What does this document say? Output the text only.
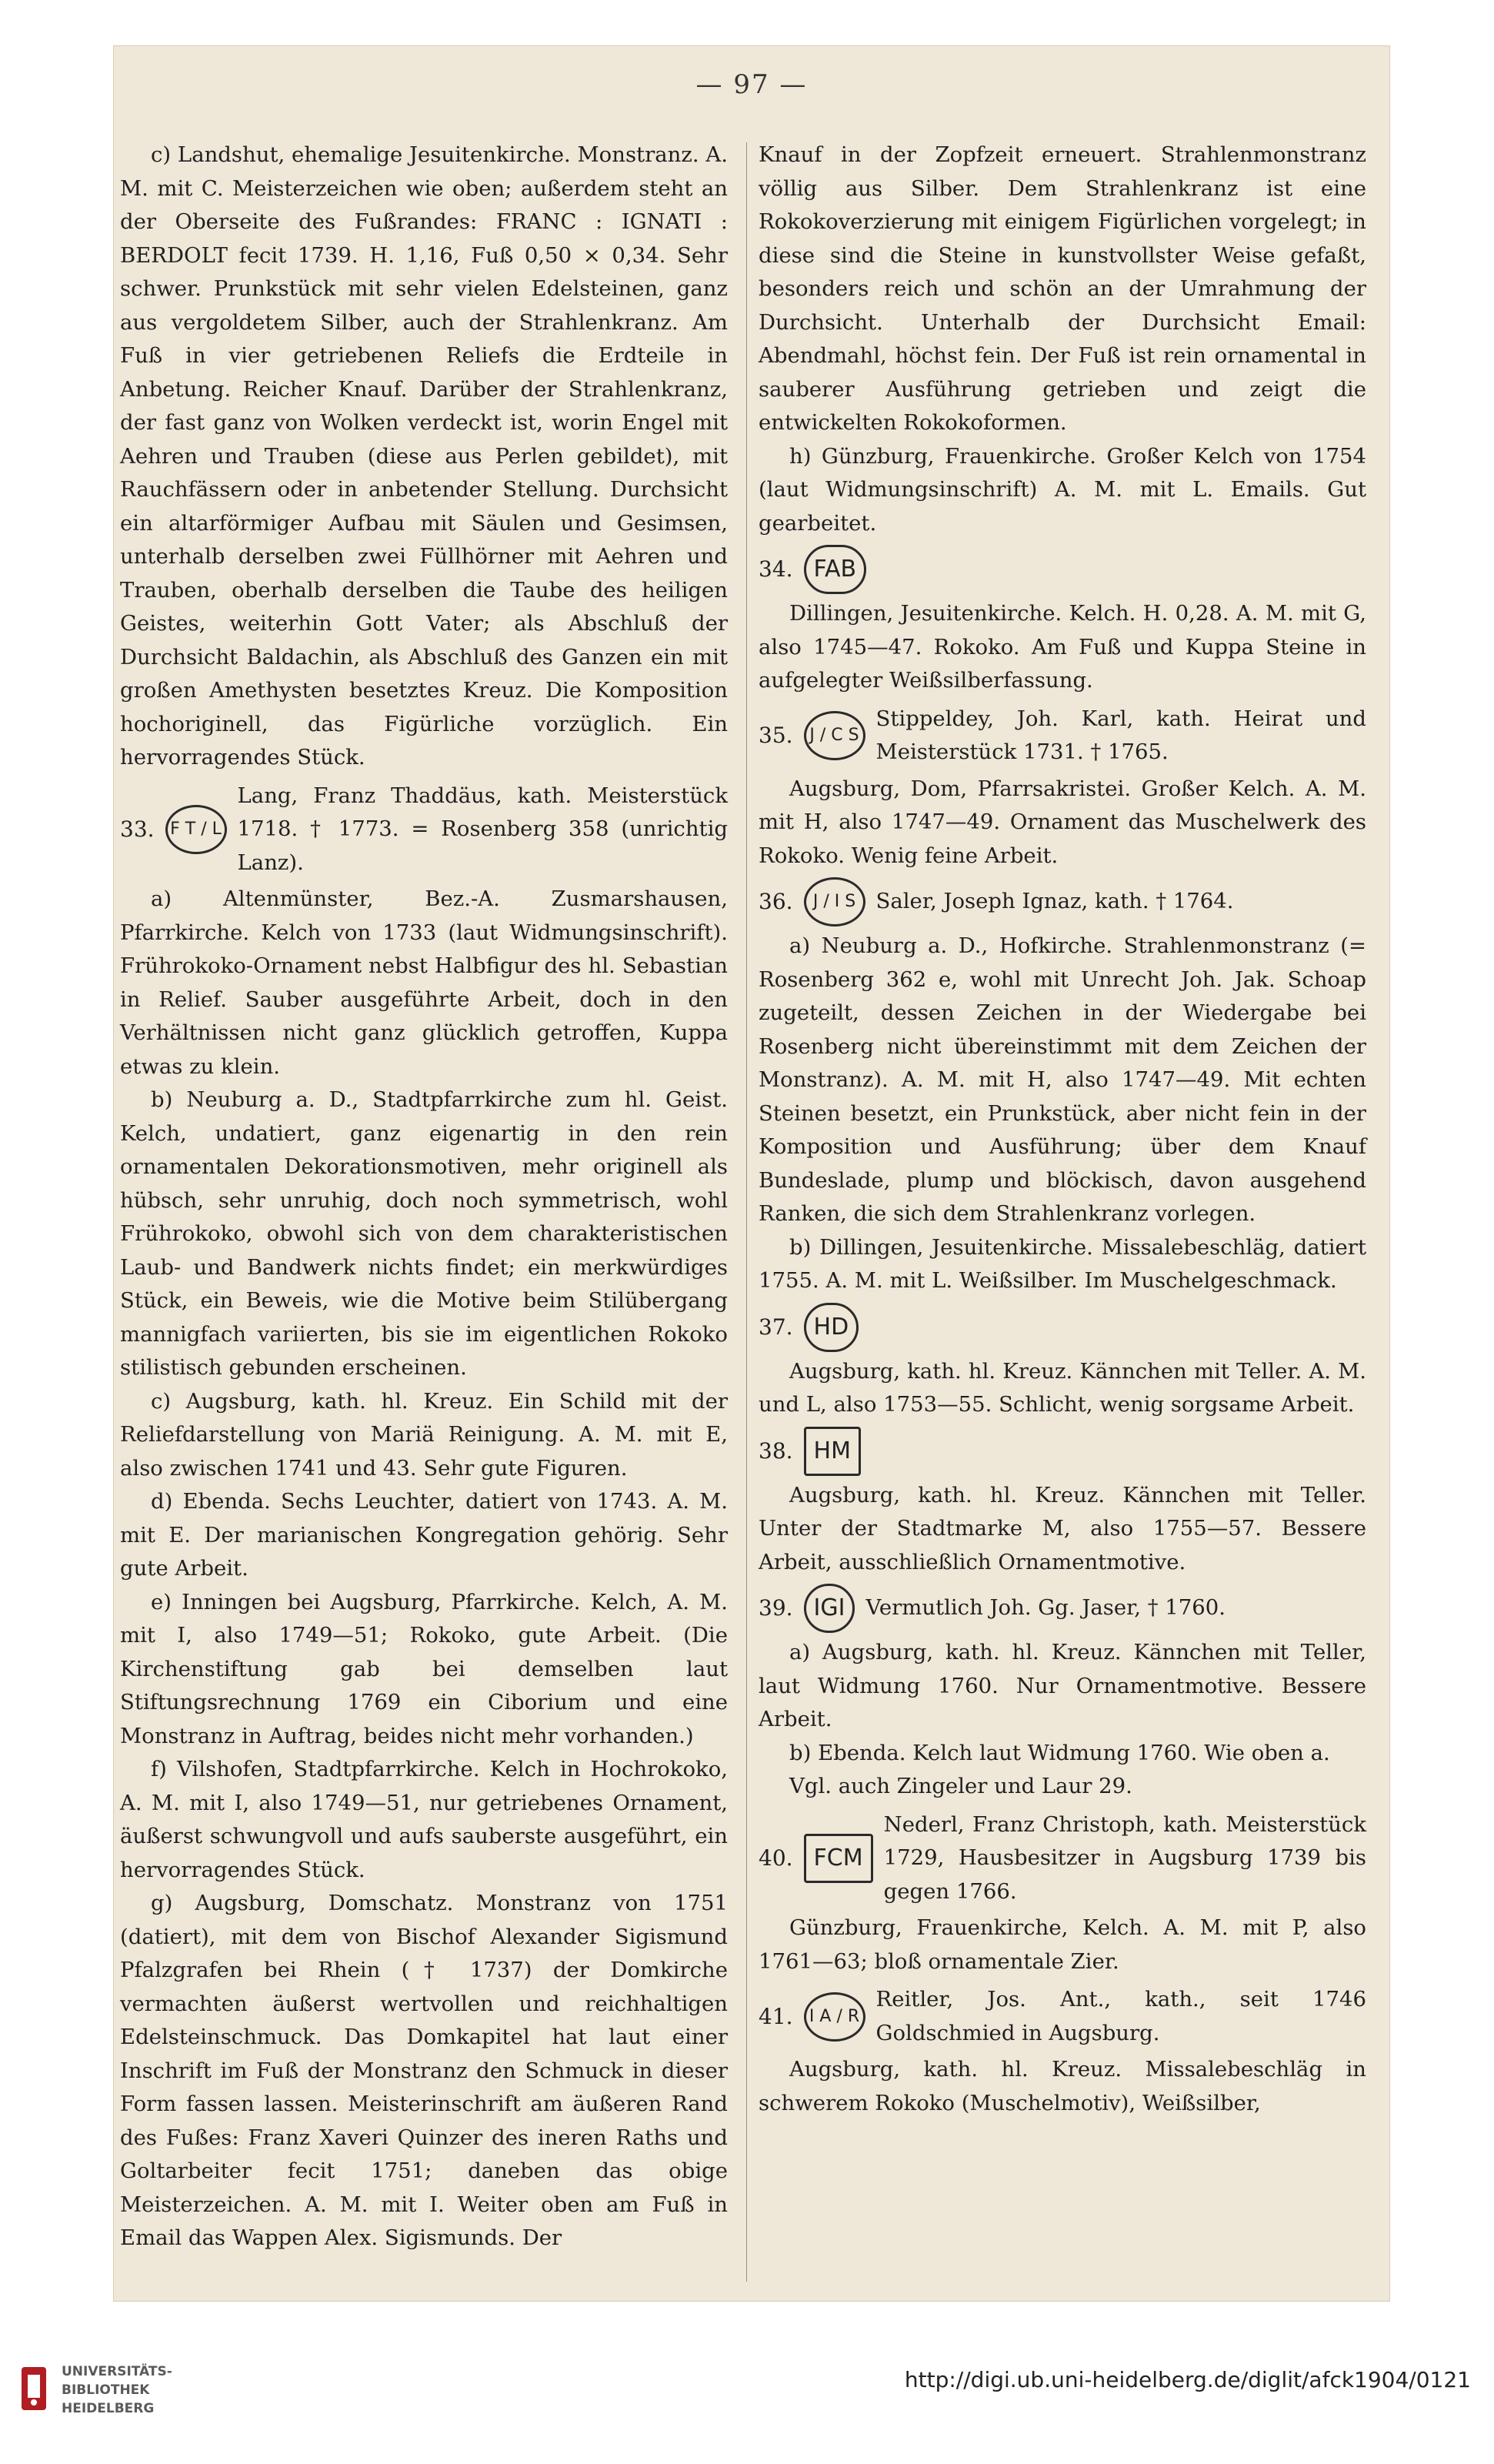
— 97 —

c) Landshut, ehemalige Jesuitenkirche. Monstranz. A. M. mit C. Meisterzeichen wie oben; außerdem steht an der Oberseite des Fußrandes: FRANC : IGNATI : BERDOLT fecit 1739. H. 1,16, Fuß 0,50 × 0,34. Sehr schwer. Prunkstück mit sehr vielen Edelsteinen, ganz aus vergoldetem Silber, auch der Strahlenkranz. Am Fuß in vier getriebenen Reliefs die Erdteile in Anbetung. Reicher Knauf. Darüber der Strahlenkranz, der fast ganz von Wolken verdeckt ist, worin Engel mit Aehren und Trauben (diese aus Perlen gebildet), mit Rauchfässern oder in anbetender Stellung. Durchsicht ein altarförmiger Aufbau mit Säulen und Gesimsen, unterhalb derselben zwei Füllhörner mit Aehren und Trauben, oberhalb derselben die Taube des heiligen Geistes, weiterhin Gott Vater; als Abschluß der Durchsicht Baldachin, als Abschluß des Ganzen ein mit großen Amethysten besetztes Kreuz. Die Komposition hochoriginell, das Figürliche vorzüglich. Ein hervorragendes Stück.

33. F T / L
Lang, Franz Thaddäus, kath. Meisterstück 1718. † 1773. = Rosenberg 358 (unrichtig Lanz).

a) Altenmünster, Bez.-A. Zusmarshausen, Pfarrkirche. Kelch von 1733 (laut Widmungsinschrift). Frührokoko-Ornament nebst Halbfigur des hl. Sebastian in Relief. Sauber ausgeführte Arbeit, doch in den Verhältnissen nicht ganz glücklich getroffen, Kuppa etwas zu klein.

b) Neuburg a. D., Stadtpfarrkirche zum hl. Geist. Kelch, undatiert, ganz eigenartig in den rein ornamentalen Dekorationsmotiven, mehr originell als hübsch, sehr unruhig, doch noch symmetrisch, wohl Frührokoko, obwohl sich von dem charakteristischen Laub- und Bandwerk nichts findet; ein merkwürdiges Stück, ein Beweis, wie die Motive beim Stilübergang mannigfach variierten, bis sie im eigentlichen Rokoko stilistisch gebunden erscheinen.

c) Augsburg, kath. hl. Kreuz. Ein Schild mit der Reliefdarstellung von Mariä Reinigung. A. M. mit E, also zwischen 1741 und 43. Sehr gute Figuren.

d) Ebenda. Sechs Leuchter, datiert von 1743. A. M. mit E. Der marianischen Kongregation gehörig. Sehr gute Arbeit.

e) Inningen bei Augsburg, Pfarrkirche. Kelch, A. M. mit I, also 1749—51; Rokoko, gute Arbeit. (Die Kirchenstiftung gab bei demselben laut Stiftungsrechnung 1769 ein Ciborium und eine Monstranz in Auftrag, beides nicht mehr vorhanden.)

f) Vilshofen, Stadtpfarrkirche. Kelch in Hochrokoko, A. M. mit I, also 1749—51, nur getriebenes Ornament, äußerst schwungvoll und aufs sauberste ausgeführt, ein hervorragendes Stück.

g) Augsburg, Domschatz. Monstranz von 1751 (datiert), mit dem von Bischof Alexander Sigismund Pfalzgrafen bei Rhein († 1737) der Domkirche vermachten äußerst wertvollen und reichhaltigen Edelsteinschmuck. Das Domkapitel hat laut einer Inschrift im Fuß der Monstranz den Schmuck in dieser Form fassen lassen. Meisterinschrift am äußeren Rand des Fußes: Franz Xaveri Quinzer des ineren Raths und Goltarbeiter fecit 1751; daneben das obige Meisterzeichen. A. M. mit I. Weiter oben am Fuß in Email das Wappen Alex. Sigismunds. Der

Knauf in der Zopfzeit erneuert. Strahlenmonstranz völlig aus Silber. Dem Strahlenkranz ist eine Rokokoverzierung mit einigem Figürlichen vorgelegt; in diese sind die Steine in kunstvollster Weise gefaßt, besonders reich und schön an der Umrahmung der Durchsicht. Unterhalb der Durchsicht Email: Abendmahl, höchst fein. Der Fuß ist rein ornamental in sauberer Ausführung getrieben und zeigt die entwickelten Rokokoformen.

h) Günzburg, Frauenkirche. Großer Kelch von 1754 (laut Widmungsinschrift) A. M. mit L. Emails. Gut gearbeitet.

34. FAB

Dillingen, Jesuitenkirche. Kelch. H. 0,28. A. M. mit G, also 1745—47. Rokoko. Am Fuß und Kuppa Steine in aufgelegter Weißsilberfassung.

35. J / C S
Stippeldey, Joh. Karl, kath. Heirat und Meisterstück 1731. † 1765.

Augsburg, Dom, Pfarrsakristei. Großer Kelch. A. M. mit H, also 1747—49. Ornament das Muschelwerk des Rokoko. Wenig feine Arbeit.

36.	J / I S Saler, Joseph Ignaz, kath. † 1764.

a) Neuburg a. D., Hofkirche. Strahlenmonstranz (= Rosenberg 362 e, wohl mit Unrecht Joh. Jak. Schoap zugeteilt, dessen Zeichen in der Wiedergabe bei Rosenberg nicht übereinstimmt mit dem Zeichen der Monstranz). A. M. mit H, also 1747—49. Mit echten Steinen besetzt, ein Prunkstück, aber nicht fein in der Komposition und Ausführung; über dem Knauf Bundesladе, plump und blöckisch, davon ausgehend Ranken, die sich dem Strahlenkranz vorlegen.

b) Dillingen, Jesuitenkirche. Missalebeschläg, datiert 1755. A. M. mit L. Weißsilber. Im Muschelgeschmack.

37. HD

Augsburg, kath. hl. Kreuz. Kännchen mit Teller. A. M. und L, also 1753—55. Schlicht, wenig sorgsame Arbeit.

38. HM

Augsburg, kath. hl. Kreuz. Kännchen mit Teller. Unter der Stadtmarke M, also 1755—57. Bessere Arbeit, ausschließlich Ornamentmotive.

39. IGI Vermutlich Joh. Gg. Jaser, † 1760.

a) Augsburg, kath. hl. Kreuz. Kännchen mit Teller, laut Widmung 1760. Nur Ornamentmotive. Bessere Arbeit.

b) Ebenda. Kelch laut Widmung 1760. Wie oben a.

Vgl. auch Zingeler und Laur 29.

40. FCM
Nederl, Franz Christoph, kath. Meisterstück 1729, Hausbesitzer in Augsburg 1739 bis gegen 1766.

Günzburg, Frauenkirche, Kelch. A. M. mit P, also 1761—63; bloß ornamentale Zier.

41. I A / R
Reitler, Jos. Ant., kath., seit 1746 Goldschmied in Augsburg.

Augsburg, kath. hl. Kreuz. Missalebeschläg in schwerem Rokoko (Muschelmotiv), Weißsilber,

UNIVERSITÄTS-
BIBLIOTHEK
HEIDELBERG
http://digi.ub.uni-heidelberg.de/diglit/afck1904/0121
